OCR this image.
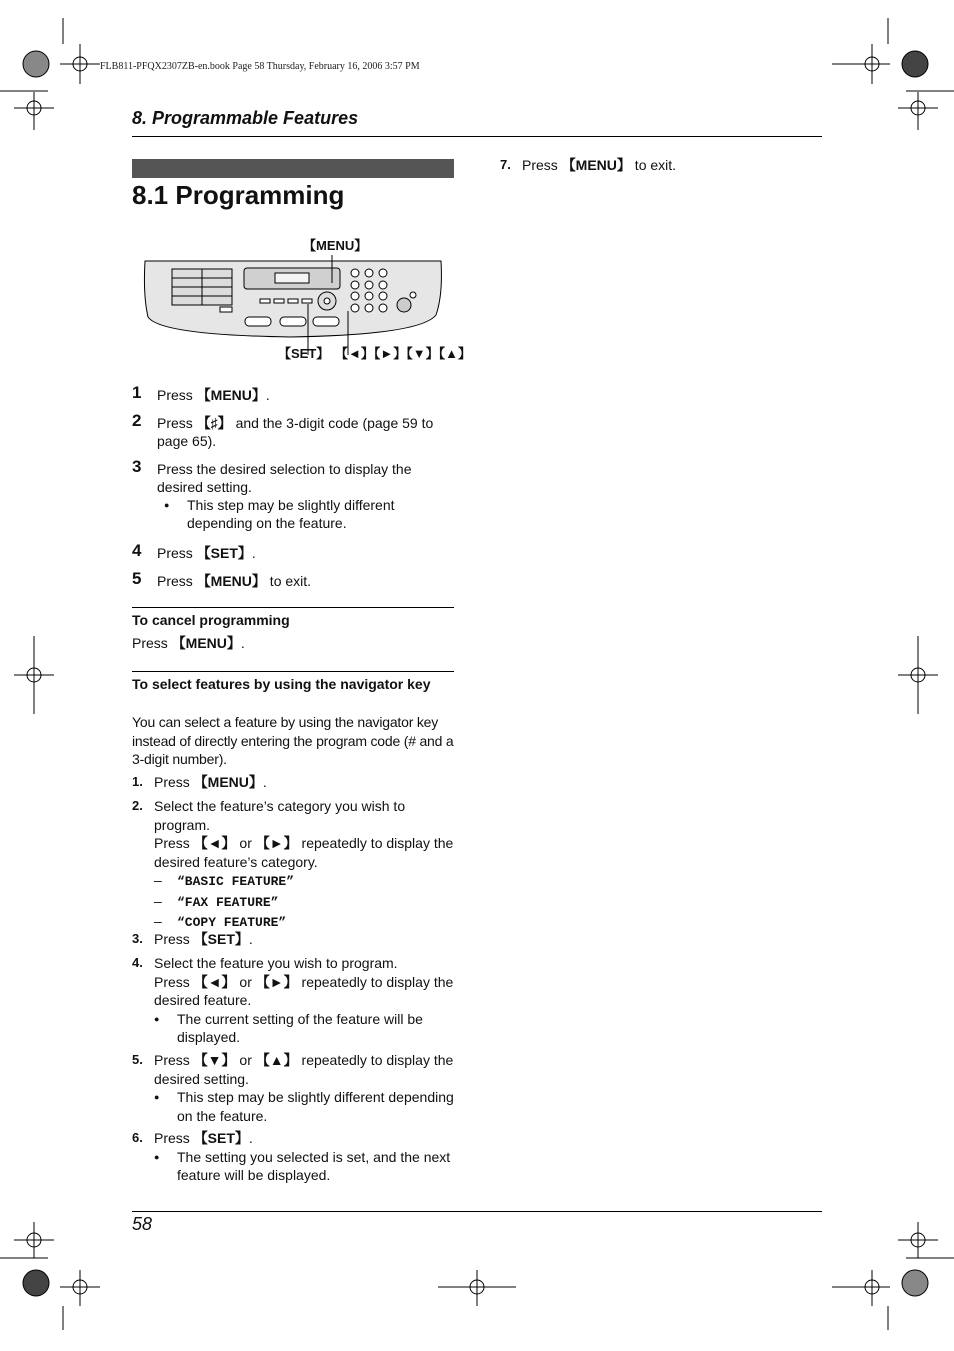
FLB811-PFQX2307ZB-en.book Page 58 Thursday, February 16, 2006 3:57 PM
8. Programmable Features
8.1 Programming
【MENU】
【SET】 【◄】【►】【▼】【▲】
1 Press 【MENU】.
2 Press 【♯】 and the 3-digit code (page 59 to page 65).
3 Press the desired selection to display the desired setting.
● This step may be slightly different depending on the feature.
4 Press 【SET】.
5 Press 【MENU】 to exit.
To cancel programming
Press 【MENU】.
To select features by using the navigator key
You can select a feature by using the navigator key instead of directly entering the program code (# and a 3-digit number).
1. Press 【MENU】.
2. Select the feature’s category you wish to program.
Press 【◄】 or 【►】 repeatedly to display the desired feature’s category.
– “BASIC FEATURE”
– “FAX FEATURE”
– “COPY FEATURE”
3. Press 【SET】.
4. Select the feature you wish to program.
Press 【◄】 or 【►】 repeatedly to display the desired feature.
● The current setting of the feature will be displayed.
5. Press 【▼】 or 【▲】 repeatedly to display the desired setting.
● This step may be slightly different depending on the feature.
6. Press 【SET】.
● The setting you selected is set, and the next feature will be displayed.
7. Press 【MENU】 to exit.
58
